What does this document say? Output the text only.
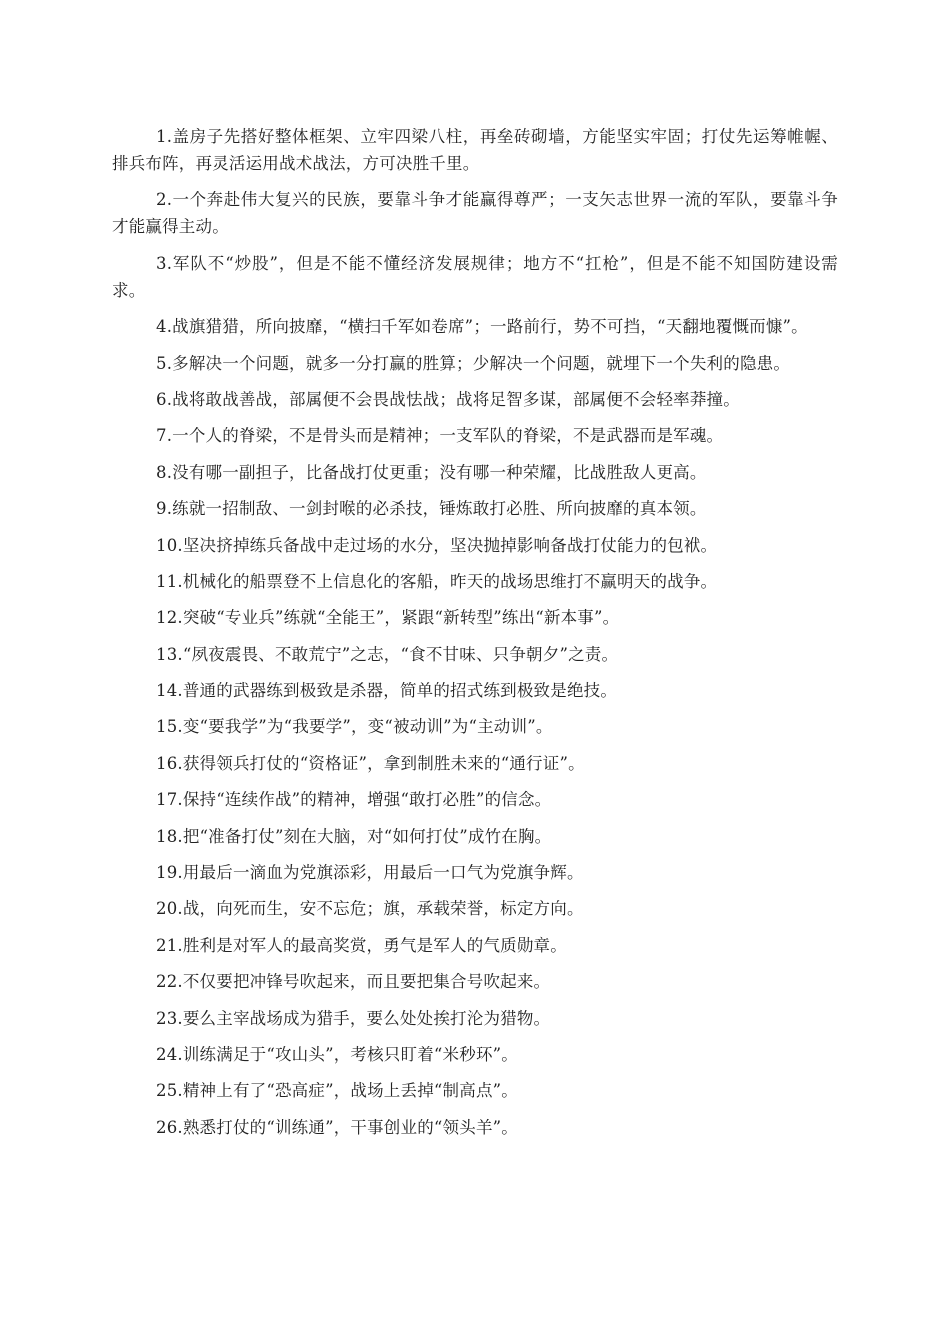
1.盖房子先搭好整体框架、立牢四梁八柱，再垒砖砌墙，方能坚实牢固；打仗先运筹帷幄、排兵布阵，再灵活运用战术战法，方可决胜千里。

2.一个奔赴伟大复兴的民族，要靠斗争才能赢得尊严；一支矢志世界一流的军队，要靠斗争才能赢得主动。

3.军队不“炒股”，但是不能不懂经济发展规律；地方不“扛枪”，但是不能不知国防建设需求。

4.战旗猎猎，所向披靡，“横扫千军如卷席”；一路前行，势不可挡，“天翻地覆慨而慷”。

5.多解决一个问题，就多一分打赢的胜算；少解决一个问题，就埋下一个失利的隐患。

6.战将敢战善战，部属便不会畏战怯战；战将足智多谋，部属便不会轻率莽撞。

7.一个人的脊梁，不是骨头而是精神；一支军队的脊梁，不是武器而是军魂。

8.没有哪一副担子，比备战打仗更重；没有哪一种荣耀，比战胜敌人更高。

9.练就一招制敌、一剑封喉的必杀技，锤炼敢打必胜、所向披靡的真本领。

10.坚决挤掉练兵备战中走过场的水分，坚决抛掉影响备战打仗能力的包袱。

11.机械化的船票登不上信息化的客船，昨天的战场思维打不赢明天的战争。

12.突破“专业兵”练就“全能王”，紧跟“新转型”练出“新本事”。

13.“夙夜震畏、不敢荒宁”之志，“食不甘味、只争朝夕”之责。

14.普通的武器练到极致是杀器，简单的招式练到极致是绝技。

15.变“要我学”为“我要学”，变“被动训”为“主动训”。

16.获得领兵打仗的“资格证”，拿到制胜未来的“通行证”。

17.保持“连续作战”的精神，增强“敢打必胜”的信念。

18.把“准备打仗”刻在大脑，对“如何打仗”成竹在胸。

19.用最后一滴血为党旗添彩，用最后一口气为党旗争辉。

20.战，向死而生，安不忘危；旗，承载荣誉，标定方向。

21.胜利是对军人的最高奖赏，勇气是军人的气质勋章。

22.不仅要把冲锋号吹起来，而且要把集合号吹起来。

23.要么主宰战场成为猎手，要么处处挨打沦为猎物。

24.训练满足于“攻山头”，考核只盯着“米秒环”。

25.精神上有了“恐高症”，战场上丢掉“制高点”。

26.熟悉打仗的“训练通”，干事创业的“领头羊”。
